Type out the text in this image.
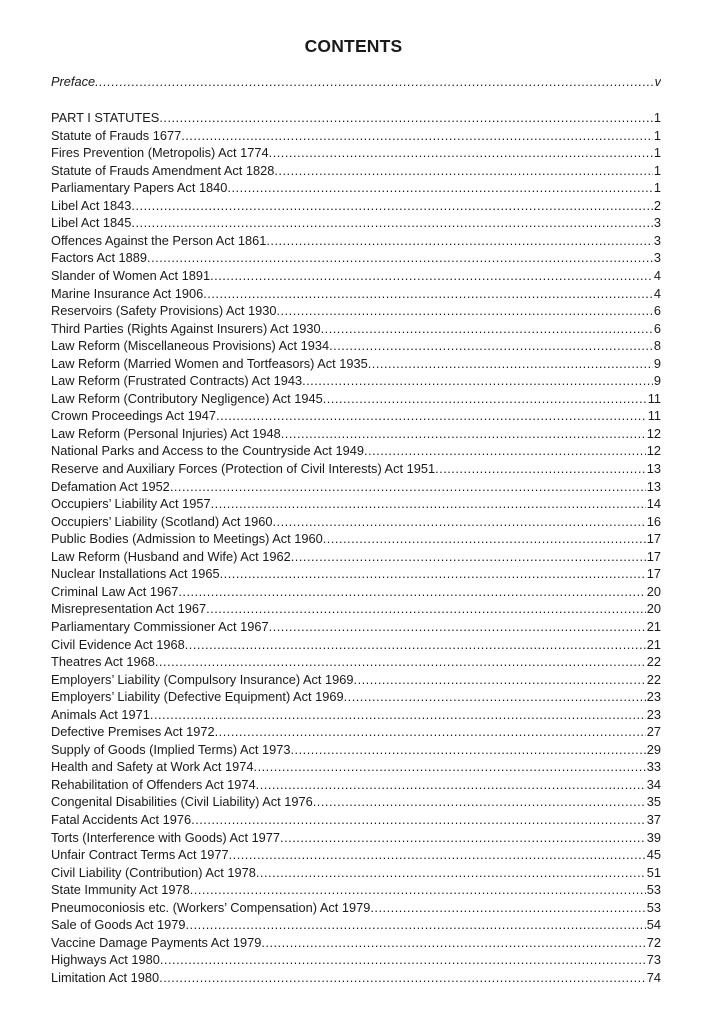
CONTENTS
Preface .....	v
PART I STATUTES .....	1
Statute of Frauds 1677 .....	1
Fires Prevention (Metropolis) Act 1774 .....	1
Statute of Frauds Amendment Act 1828 .....	1
Parliamentary Papers Act 1840 .....	1
Libel Act 1843 .....	2
Libel Act 1845 .....	3
Offences Against the Person Act 1861 .....	3
Factors Act 1889 .....	3
Slander of Women Act 1891 .....	4
Marine Insurance Act 1906 .....	4
Reservoirs (Safety Provisions) Act 1930 .....	6
Third Parties (Rights Against Insurers) Act 1930 .....	6
Law Reform (Miscellaneous Provisions) Act 1934 .....	8
Law Reform (Married Women and Tortfeasors) Act 1935 .....	9
Law Reform (Frustrated Contracts) Act 1943 .....	9
Law Reform (Contributory Negligence) Act 1945 .....	11
Crown Proceedings Act 1947 .....	11
Law Reform (Personal Injuries) Act 1948 .....	12
National Parks and Access to the Countryside Act 1949 .....	12
Reserve and Auxiliary Forces (Protection of Civil Interests) Act 1951 .....	13
Defamation Act 1952 .....	13
Occupiers’ Liability Act 1957 .....	14
Occupiers’ Liability (Scotland) Act 1960 .....	16
Public Bodies (Admission to Meetings) Act 1960 .....	17
Law Reform (Husband and Wife) Act 1962 .....	17
Nuclear Installations Act 1965 .....	17
Criminal Law Act 1967 .....	20
Misrepresentation Act 1967 .....	20
Parliamentary Commissioner Act 1967 .....	21
Civil Evidence Act 1968 .....	21
Theatres Act 1968 .....	22
Employers’ Liability (Compulsory Insurance) Act 1969 .....	22
Employers’ Liability (Defective Equipment) Act 1969 .....	23
Animals Act 1971 .....	23
Defective Premises Act 1972 .....	27
Supply of Goods (Implied Terms) Act 1973 .....	29
Health and Safety at Work Act 1974 .....	33
Rehabilitation of Offenders Act 1974 .....	34
Congenital Disabilities (Civil Liability) Act 1976 .....	35
Fatal Accidents Act 1976 .....	37
Torts (Interference with Goods) Act 1977 .....	39
Unfair Contract Terms Act 1977 .....	45
Civil Liability (Contribution) Act 1978 .....	51
State Immunity Act 1978 .....	53
Pneumoconiosis etc. (Workers’ Compensation) Act 1979 .....	53
Sale of Goods Act 1979 .....	54
Vaccine Damage Payments Act 1979 .....	72
Highways Act 1980 .....	73
Limitation Act 1980 .....	74
